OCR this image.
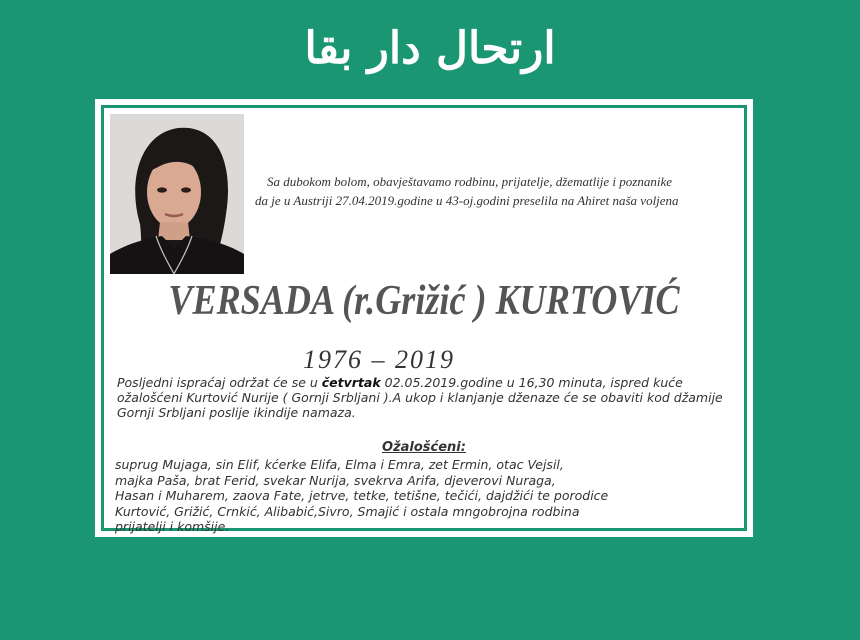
ارتحال دار بقا
Sa dubokom bolom, obavještavamo rodbinu, prijatelje, džematlije i poznanike
da je u Austriji 27.04.2019.godine u 43-oj.godini preselila na Ahiret naša voljena
VERSADA (r.Grižić ) KURTOVIĆ
1976 – 2019
Posljedni ispraćaj održat će se u četvrtak 02.05.2019.godine u 16,30 minuta, ispred kuće ožalošćeni Kurtović Nurije ( Gornji Srbljani ).A ukop i klanjanje dženaze će se obaviti kod džamije Gornji Srbljani poslije ikindije namaza.
Ožalošćeni:
suprug Mujaga, sin Elif, kćerke Elifa, Elma i Emra, zet Ermin, otac Vejsil,
majka Paša, brat Ferid, svekar Nurija, svekrva Arifa, djeverovi Nuraga,
Hasan i Muharem, zaova Fate, jetrve, tetke, tetišne, tečići, dajdžići te porodice
Kurtović, Grižić, Crnkić, Alibabić,Sivro, Smajić i ostala mngobrojna rodbina
prijatelji i komšije.
